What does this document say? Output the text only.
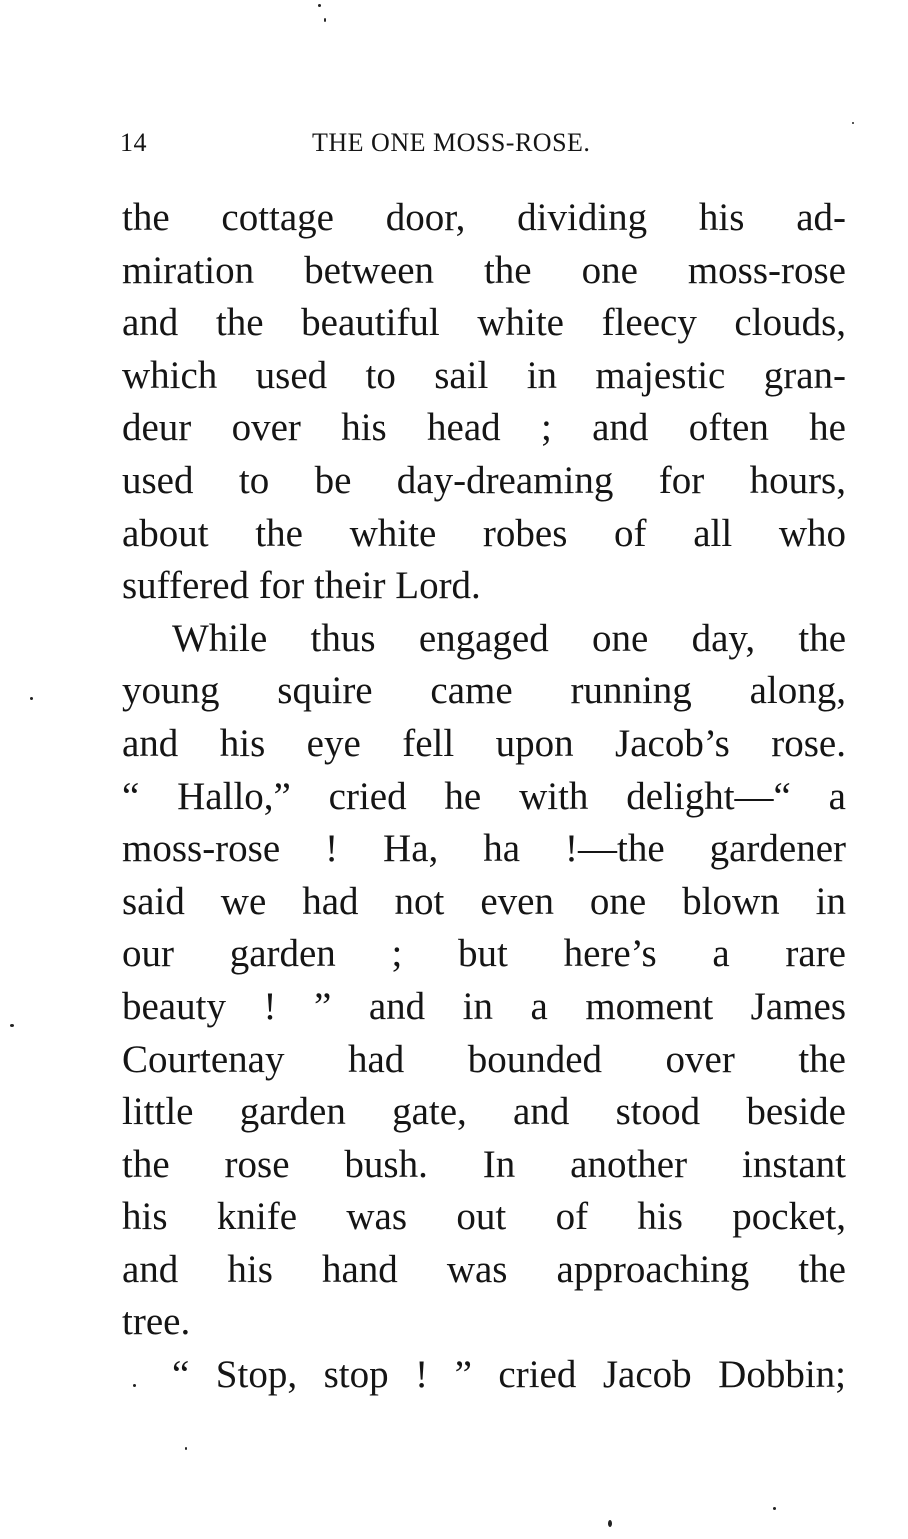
14	THE ONE MOSS-ROSE.
the cottage door, dividing his ad-
miration between the one moss-rose
and the beautiful white fleecy clouds,
which used to sail in majestic gran-
deur over his head ; and often he
used to be day-dreaming for hours,
about the white robes of all who
suffered for their Lord.
While thus engaged one day, the
young squire came running along,
and his eye fell upon Jacob’s rose.
“ Hallo,” cried he with delight—“ a
moss-rose ! Ha, ha !—the gardener
said we had not even one blown in
our garden ; but here’s a rare
beauty ! ” and in a moment James
Courtenay had bounded over the
little garden gate, and stood beside
the rose bush. In another instant
his knife was out of his pocket,
and his hand was approaching the
tree.
“ Stop, stop ! ” cried Jacob Dobbin;
